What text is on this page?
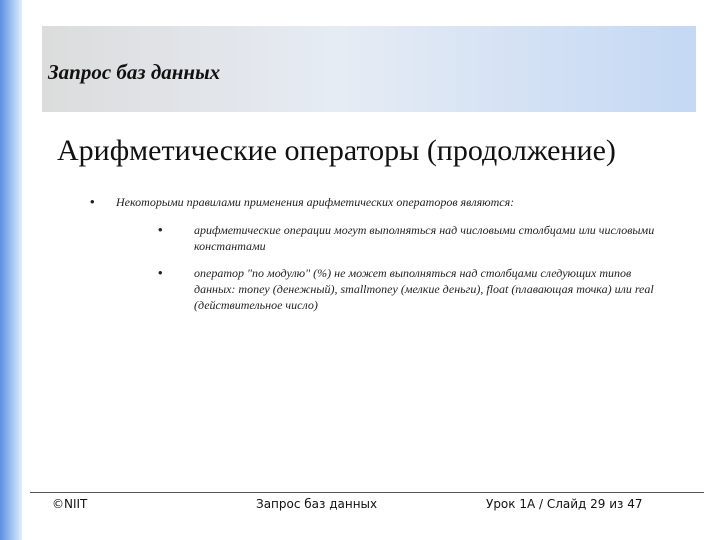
Запрос баз данных
Арифметические операторы (продолжение)
• Некоторыми правилами применения арифметических операторов являются:
•	арифметические операции могут выполняться над числовыми столбцами или числовыми константами
•	оператор "по модулю" (%) не может выполняться над столбцами следующих типов данных: money (денежный), smallmoney (мелкие деньги), float (плавающая точка) или real (действительное число)
©NIIT	Запрос баз данных	Урок 1А / Слайд 29 из 47
